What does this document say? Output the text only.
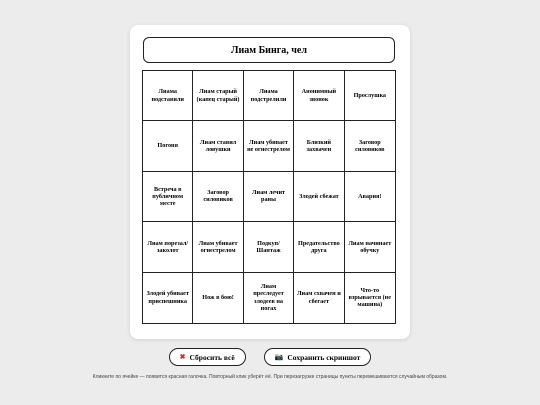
Лиам Бинга, чел
Лиама подставили
Лиам старый (капец старый)
Лиама подстрелили
Анонимный звонок
Прослушка
Погоня
Лиам ставил ловушки
Лиам убивает не огнестрелом
Близкий захвачен
Заговор силовиков
Встреча в публичном месте
Заговор силовиков
Лиам лечит раны
Злодей сбежат	Авария!
Лиам порезал/заколот
Лиам убивает огнестрелом
Подкуп/Шантаж
Предательство друга
Лиам начинает обучку
Злодей убивает приспешника
Нож в бою!
Лиам преследует злодеев на ногах
Лиам схвачен и сбегает
Что-то взрывается (не машина)
✖ Сбросить всё	📷 Сохранить скриншот
Кликните по ячейке — появится красная галочка. Повторный клик уберёт её. При перезагрузке страницы пункты перемешиваются случайным образом.
